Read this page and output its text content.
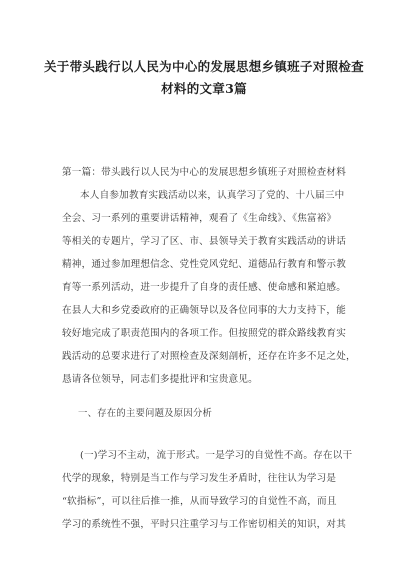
关于带头践行以人民为中心的发展思想乡镇班子对照检查
材料的文章3篇
第一篇：带头践行以人民为中心的发展思想乡镇班子对照检查材料
本人自参加教育实践活动以来，认真学习了党的、十八届三中
全会、习一系列的重要讲话精神，观看了《生命线》、《焦富裕》
等相关的专题片，学习了区、市、县领导关于教育实践活动的讲话
精神，通过参加理想信念、党性党风党纪、道德品行教育和警示教
育等一系列活动，进一步提升了自身的责任感、使命感和紧迫感。
在县人大和乡党委政府的正确领导以及各位同事的大力支持下，能
较好地完成了职责范围内的各项工作。但按照党的群众路线教育实
践活动的总要求进行了对照检查及深刻剖析，还存在许多不足之处，
恳请各位领导，同志们多提批评和宝贵意见。
一、存在的主要问题及原因分析
(一)学习不主动，流于形式。一是学习的自觉性不高。存在以干
代学的现象，特别是当工作与学习发生矛盾时，往往认为学习是
“软指标”，可以往后推一推，从而导致学习的自觉性不高，而且
学习的系统性不强，平时只注重学习与工作密切相关的知识，对其
